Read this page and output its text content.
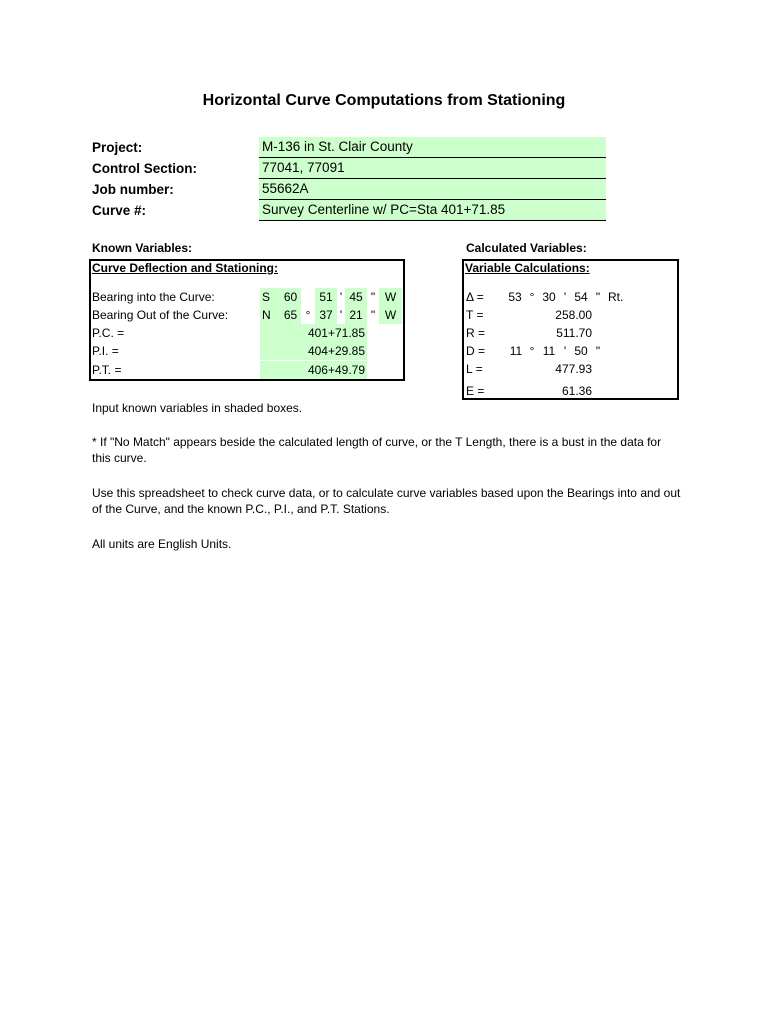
Horizontal Curve Computations from Stationing
Project:	M-136 in St. Clair County
Control Section:	77041, 77091
Job number:	55662A
Curve #:	Survey Centerline w/ PC=Sta 401+71.85
Known Variables:	Calculated Variables:
Curve Deflection and Stationing:
Bearing into the Curve:	S	60	51 ' 45 " W
Bearing Out of the Curve:	N	65 ° 37 ' 21 " W
P.C. =	401+71.85
P.I. =	404+29.85
P.T. =	406+49.79
Variable Calculations:
Δ =	53 ° 30 ' 54 " Rt.
T =	258.00
R =	511.70
D =	11 ° 11 ' 50 "
L =	477.93
E =	61.36
Input known variables in shaded boxes.
* If "No Match" appears beside the calculated length of curve, or the T Length, there is a bust in the data for this curve.
Use this spreadsheet to check curve data, or to calculate curve variables based upon the Bearings into and out of the Curve, and the known P.C., P.I., and P.T. Stations.
All units are English Units.
